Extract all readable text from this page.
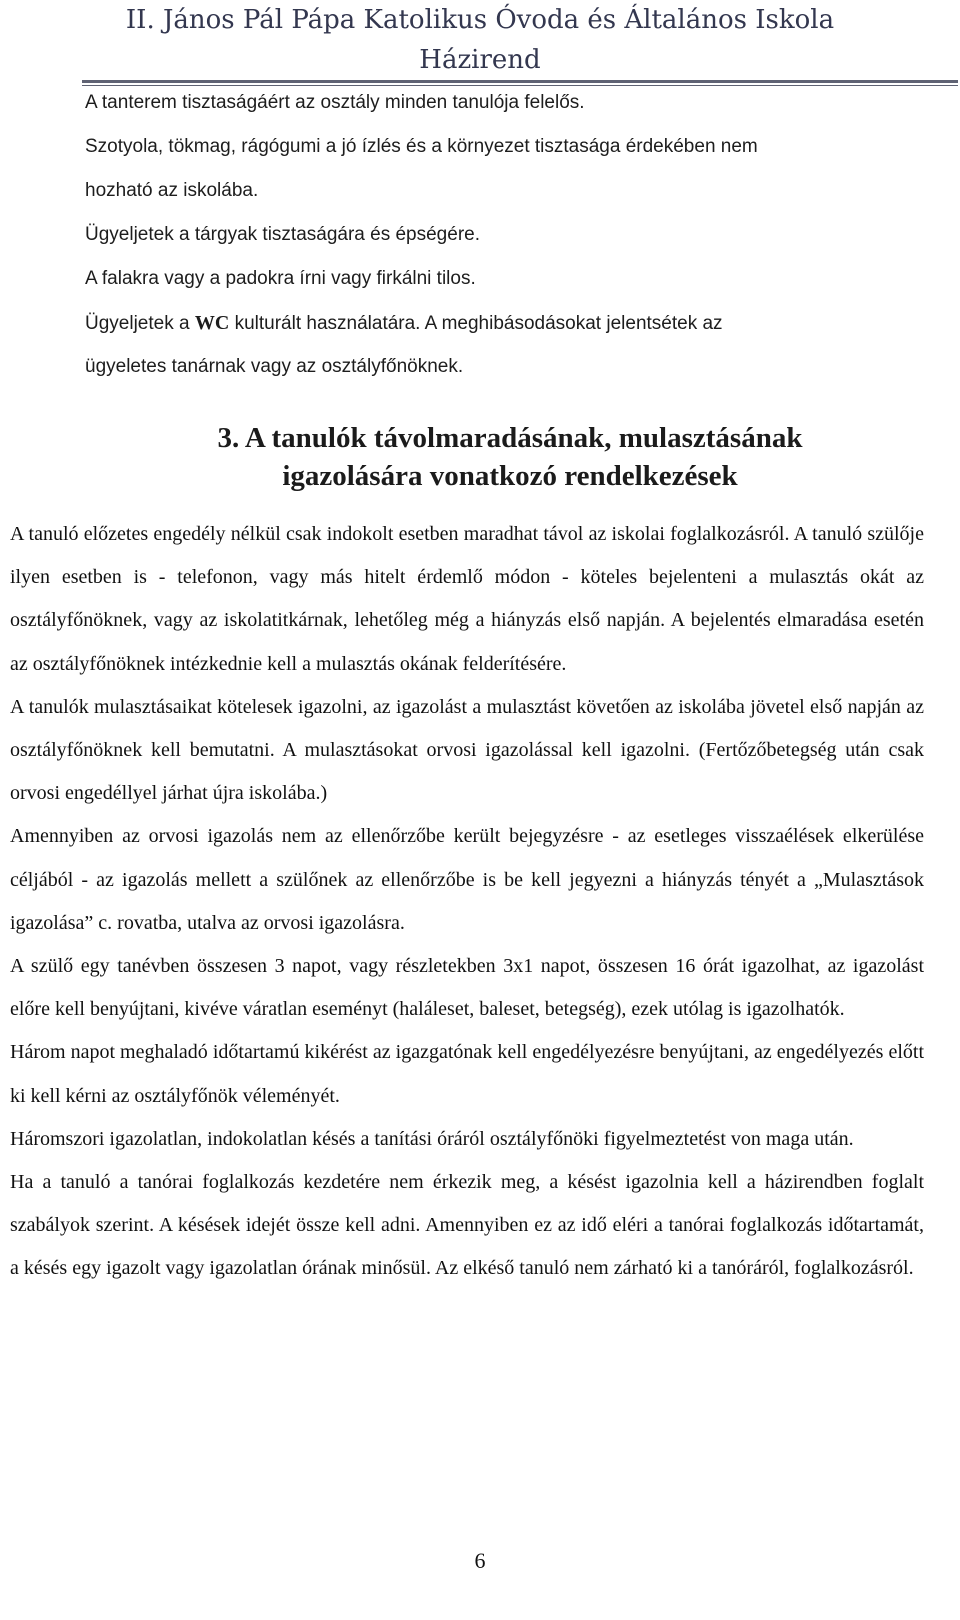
II. János Pál Pápa Katolikus Óvoda és Általános Iskola
Házirend
A tanterem tisztaságáért az osztály minden tanulója felelős.
Szotyola, tökmag, rágógumi a jó ízlés és a környezet tisztasága érdekében nem
hozható az iskolába.
Ügyeljetek a tárgyak tisztaságára és épségére.
A falakra vagy a padokra írni vagy firkálni tilos.
Ügyeljetek a WC kulturált használatára. A meghibásodásokat jelentsétek az
ügyeletes tanárnak vagy az osztályfőnöknek.
3. A tanulók távolmaradásának, mulasztásának
igazolására vonatkozó rendelkezések

A tanuló előzetes engedély nélkül csak indokolt esetben maradhat távol az iskolai foglalkozásról. A tanuló szülője ilyen esetben is - telefonon, vagy más hitelt érdemlő módon - köteles bejelenteni a mulasztás okát az osztályfőnöknek, vagy az iskolatitkárnak, lehetőleg még a hiányzás első napján. A bejelentés elmaradása esetén az osztályfőnöknek intézkednie kell a mulasztás okának felderítésére.

A tanulók mulasztásaikat kötelesek igazolni, az igazolást a mulasztást követően az iskolába jövetel első napján az osztályfőnöknek kell bemutatni. A mulasztásokat orvosi igazolással kell igazolni. (Fertőzőbetegség után csak orvosi engedéllyel járhat újra iskolába.)

Amennyiben az orvosi igazolás nem az ellenőrzőbe került bejegyzésre - az esetleges visszaélések elkerülése céljából - az igazolás mellett a szülőnek az ellenőrzőbe is be kell jegyezni a hiányzás tényét a „Mulasztások igazolása” c. rovatba, utalva az orvosi igazolásra.

A szülő egy tanévben összesen 3 napot, vagy részletekben 3x1 napot, összesen 16 órát igazolhat, az igazolást előre kell benyújtani, kivéve váratlan eseményt (haláleset, baleset, betegség), ezek utólag is igazolhatók.

Három napot meghaladó időtartamú kikérést az igazgatónak kell engedélyezésre benyújtani, az engedélyezés előtt ki kell kérni az osztályfőnök véleményét.

Háromszori igazolatlan, indokolatlan késés a tanítási óráról osztályfőnöki figyelmeztetést von maga után.

Ha a tanuló a tanórai foglalkozás kezdetére nem érkezik meg, a késést igazolnia kell a házirendben foglalt szabályok szerint. A késések idejét össze kell adni. Amennyiben ez az idő eléri a tanórai foglalkozás időtartamát, a késés egy igazolt vagy igazolatlan órának minősül. Az elkéső tanuló nem zárható ki a tanóráról, foglalkozásról.

6
